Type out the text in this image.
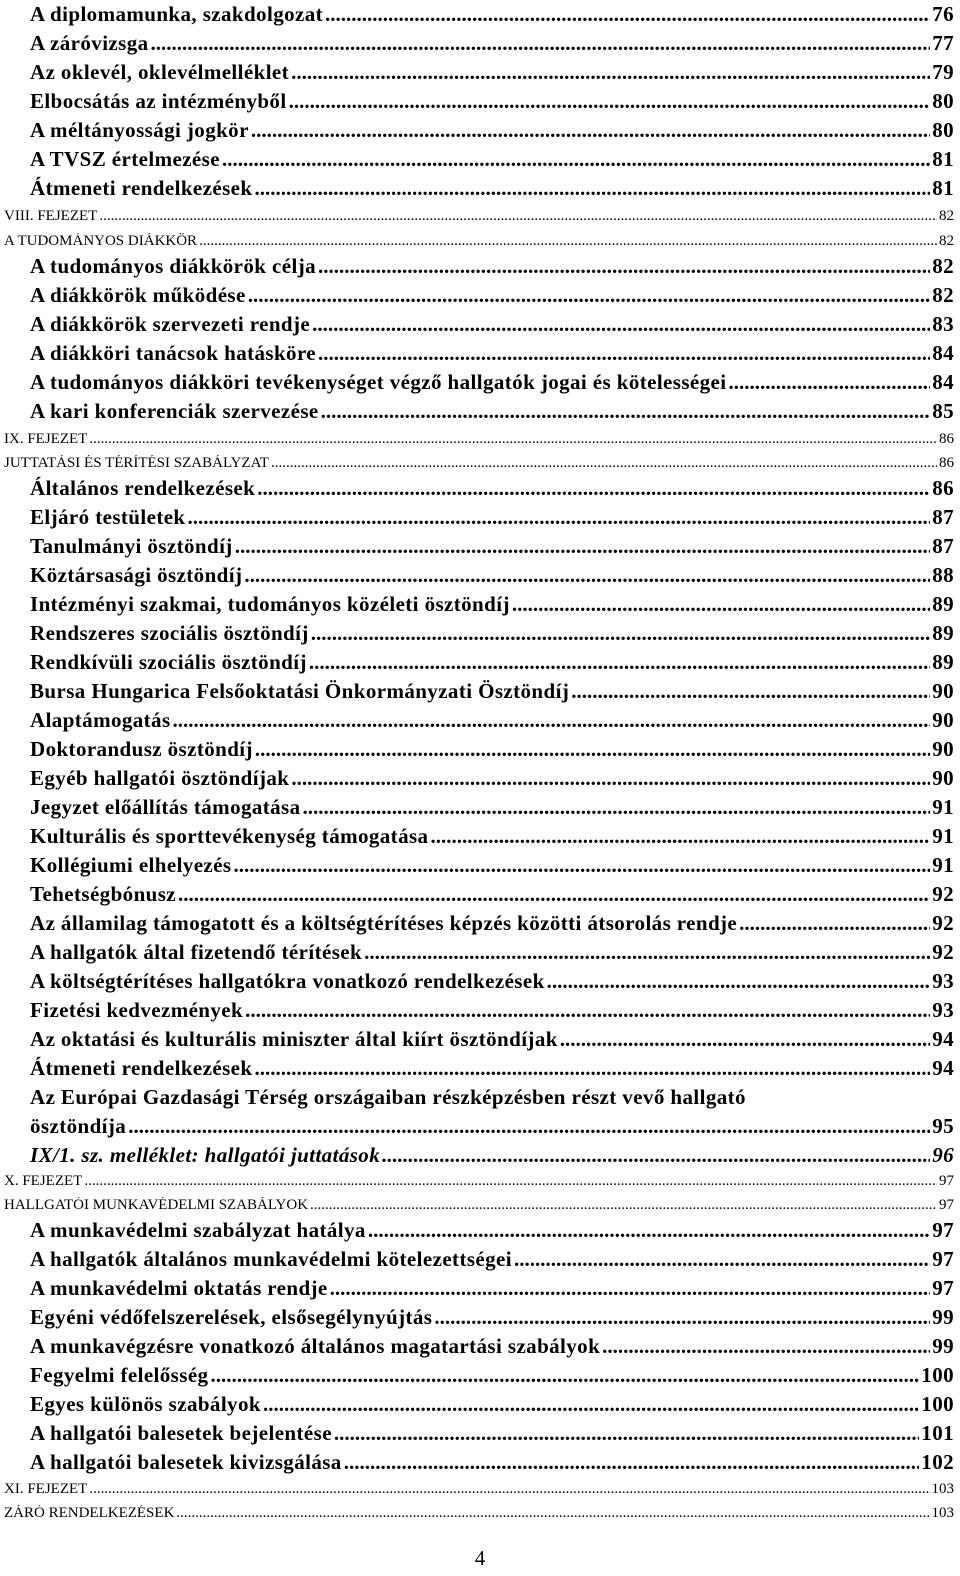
A diplomamunka, szakdolgozat .....	76
A záróvizsga .....	77
Az oklevél, oklevélmelléklet .....	79
Elbocsátás az intézményből .....	80
A méltányossági jogkör .....	80
A TVSZ értelmezése .....	81
Átmeneti rendelkezések .....	81
VIII. FEJEZET .....	82
A TUDOMÁNYOS DIÁKKÖR .....	82
A tudományos diákkörök célja .....	82
A diákkörök működése .....	82
A diákkörök szervezeti rendje .....	83
A diákköri tanácsok hatásköre .....	84
A tudományos diákköri tevékenységet végző hallgatók jogai és kötelességei .....	84
A kari konferenciák szervezése .....	85
IX. FEJEZET .....	86
JUTTATÁSI ÉS TÉRÍTÉSI SZABÁLYZAT .....	86
Általános rendelkezések .....	86
Eljáró testületek .....	87
Tanulmányi ösztöndíj .....	87
Köztársasági ösztöndíj .....	88
Intézményi szakmai, tudományos közéleti ösztöndíj .....	89
Rendszeres szociális ösztöndíj .....	89
Rendkívüli szociális ösztöndíj .....	89
Bursa Hungarica Felsőoktatási Önkormányzati Ösztöndíj .....	90
Alaptámogatás .....	90
Doktorandusz ösztöndíj .....	90
Egyéb hallgatói ösztöndíjak .....	90
Jegyzet előállítás támogatása .....	91
Kulturális és sporttevékenység támogatása .....	91
Kollégiumi elhelyezés .....	91
Tehetségbónusz .....	92
Az államilag támogatott és a költségtérítéses képzés közötti átsorolás rendje .....	92
A hallgatók által fizetendő térítések .....	92
A költségtérítéses hallgatókra vonatkozó rendelkezések .....	93
Fizetési kedvezmények .....	93
Az oktatási és kulturális miniszter által kiírt ösztöndíjak .....	94
Átmeneti rendelkezések .....	94
Az Európai Gazdasági Térség országaiban részképzésben részt vevő hallgató
ösztöndíja .....	95
IX/1. sz. melléklet: hallgatói juttatások .....	96
X. FEJEZET .....	97
HALLGATÓI MUNKAVÉDELMI SZABÁLYOK .....	97
A munkavédelmi szabályzat hatálya .....	97
A hallgatók általános munkavédelmi kötelezettségei .....	97
A munkavédelmi oktatás rendje .....	97
Egyéni védőfelszerelések, elsősegélynyújtás .....	99
A munkavégzésre vonatkozó általános magatartási szabályok .....	99
Fegyelmi felelősség .....	100
Egyes különös szabályok .....	100
A hallgatói balesetek bejelentése .....	101
A hallgatói balesetek kivizsgálása .....	102
XI. FEJEZET .....	103
ZÁRÓ RENDELKEZÉSEK .....	103
4
